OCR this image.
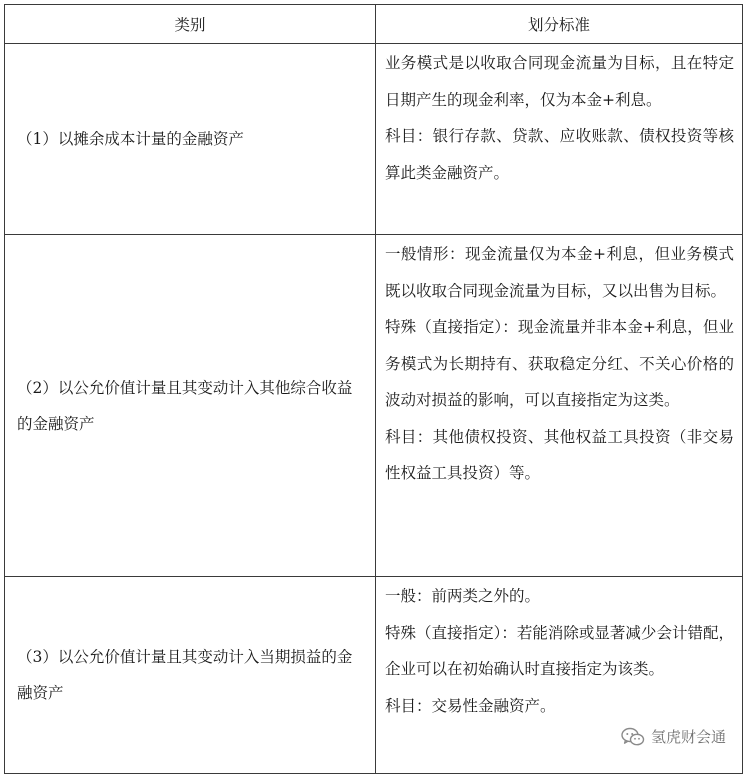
类别	划分标准
（1）以摊余成本计量的金融资产	业务模式是以收取合同现金流量为目标，且在特定日期产生的现金利率，仅为本金+利息。

科目：银行存款、贷款、应收账款、债权投资等核算此类金融资产。

（2）以公允价值计量且其变动计入其他综合收益的金融资产	一般情形：现金流量仅为本金+利息，但业务模式既以收取合同现金流量为目标，又以出售为目标。

特殊（直接指定）：现金流量并非本金+利息，但业务模式为长期持有、获取稳定分红、不关心价格的波动对损益的影响，可以直接指定为这类。

科目：其他债权投资、其他权益工具投资（非交易性权益工具投资）等。

（3）以公允价值计量且其变动计入当期损益的金融资产	一般：前两类之外的。

特殊（直接指定）：若能消除或显著减少会计错配，企业可以在初始确认时直接指定为该类。

科目：交易性金融资产。

氢虎财会通
